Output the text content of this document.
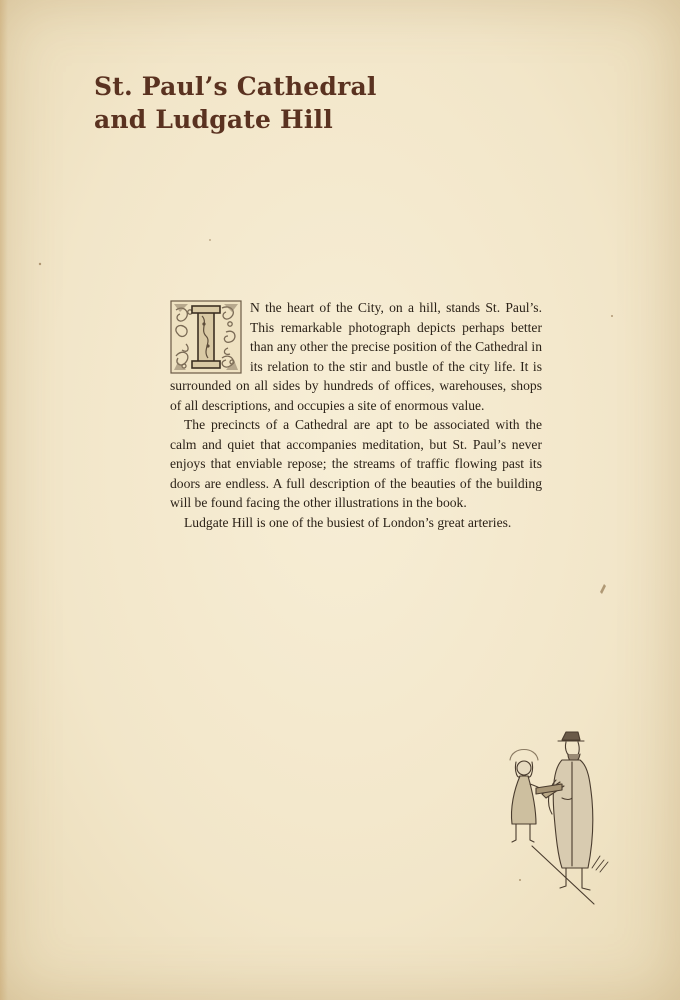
St. Paul’s Cathedral
and Ludgate Hill

N the heart of the City, on a hill, stands St. Paul’s. This remarkable photograph depicts perhaps better than any other the precise position of the Cathedral in its relation to the stir and bustle of the city life. It is surrounded on all sides by hundreds of offices, warehouses, shops of all descriptions, and occupies a site of enormous value.

The precincts of a Cathedral are apt to be associated with the calm and quiet that accompanies meditation, but St. Paul’s never enjoys that enviable repose; the streams of traffic flowing past its doors are endless. A full description of the beauties of the building will be found facing the other illustrations in the book.

Ludgate Hill is one of the busiest of London’s great arteries.
